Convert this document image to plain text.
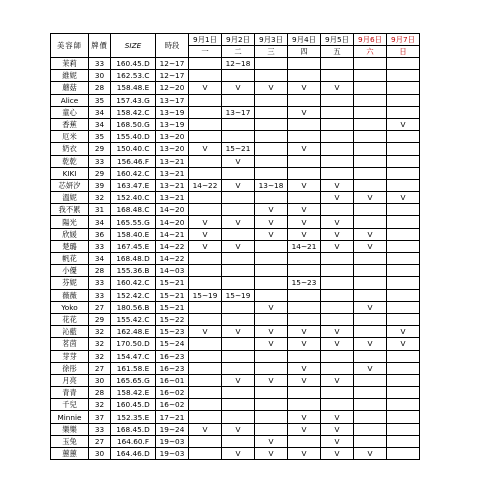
美容師	牌價	SIZE	時段	9月1日	9月2日	9月3日	9月4日	9月5日	9月6日	9月7日
				一	二	三	四	五	六	日
茉莉	33	160.45.D	12~17		12~18					
維妮	30	162.53.C	12~17							
蘑菇	28	158.48.E	12~20	V	V	V	V	V		
Alice	35	157.43.G	13~17							
童心	34	158.42.C	13~19		13~17		V			
香蕉	34	168.50.G	13~19							V
厄米	35	155.40.D	13~20							
奶衣	29	150.40.C	13~20	V	15~21		V			
乾乾	33	156.46.F	13~21		V					
KIKI	29	160.42.C	13~21							
芯妍汐	39	163.47.E	13~21	14~22	V	13~18	V	V		
溫妮	32	152.40.C	13~21					V	V	V
我不累	31	168.48.C	14~20			V	V			
陽光	34	165.55.G	14~20	V	V	V	V	V		
欣媛	36	158.40.E	14~21	V		V	V	V	V	
楚璐	33	167.45.E	14~22	V	V		14~21	V	V	
帆花	34	168.48.D	14~22							
小優	28	155.36.B	14~03							
芬妮	33	160.42.C	15~21				15~23			
薇薇	33	152.42.C	15~21	15~19	15~19					
Yoko	27	180.56.B	15~21			V			V	
花花	29	155.42.C	15~22							
沁藍	32	162.48.E	15~23	V	V	V	V	V		V
茗茵	32	170.50.D	15~24			V	V	V	V	V
芽芽	32	154.47.C	16~23							
徐彤	27	161.58.E	16~23				V		V	
月亮	30	165.65.G	16~01		V	V	V	V		
青青	28	158.42.E	16~02							
千兒	32	160.45.D	16~02							
Minnie	37	152.35.E	17~21				V	V		
樂樂	33	168.45.D	19~24	V	V		V	V		
玉兔	27	164.60.F	19~03			V		V		
蕙蕙	30	164.46.D	19~03		V	V	V	V	V	
